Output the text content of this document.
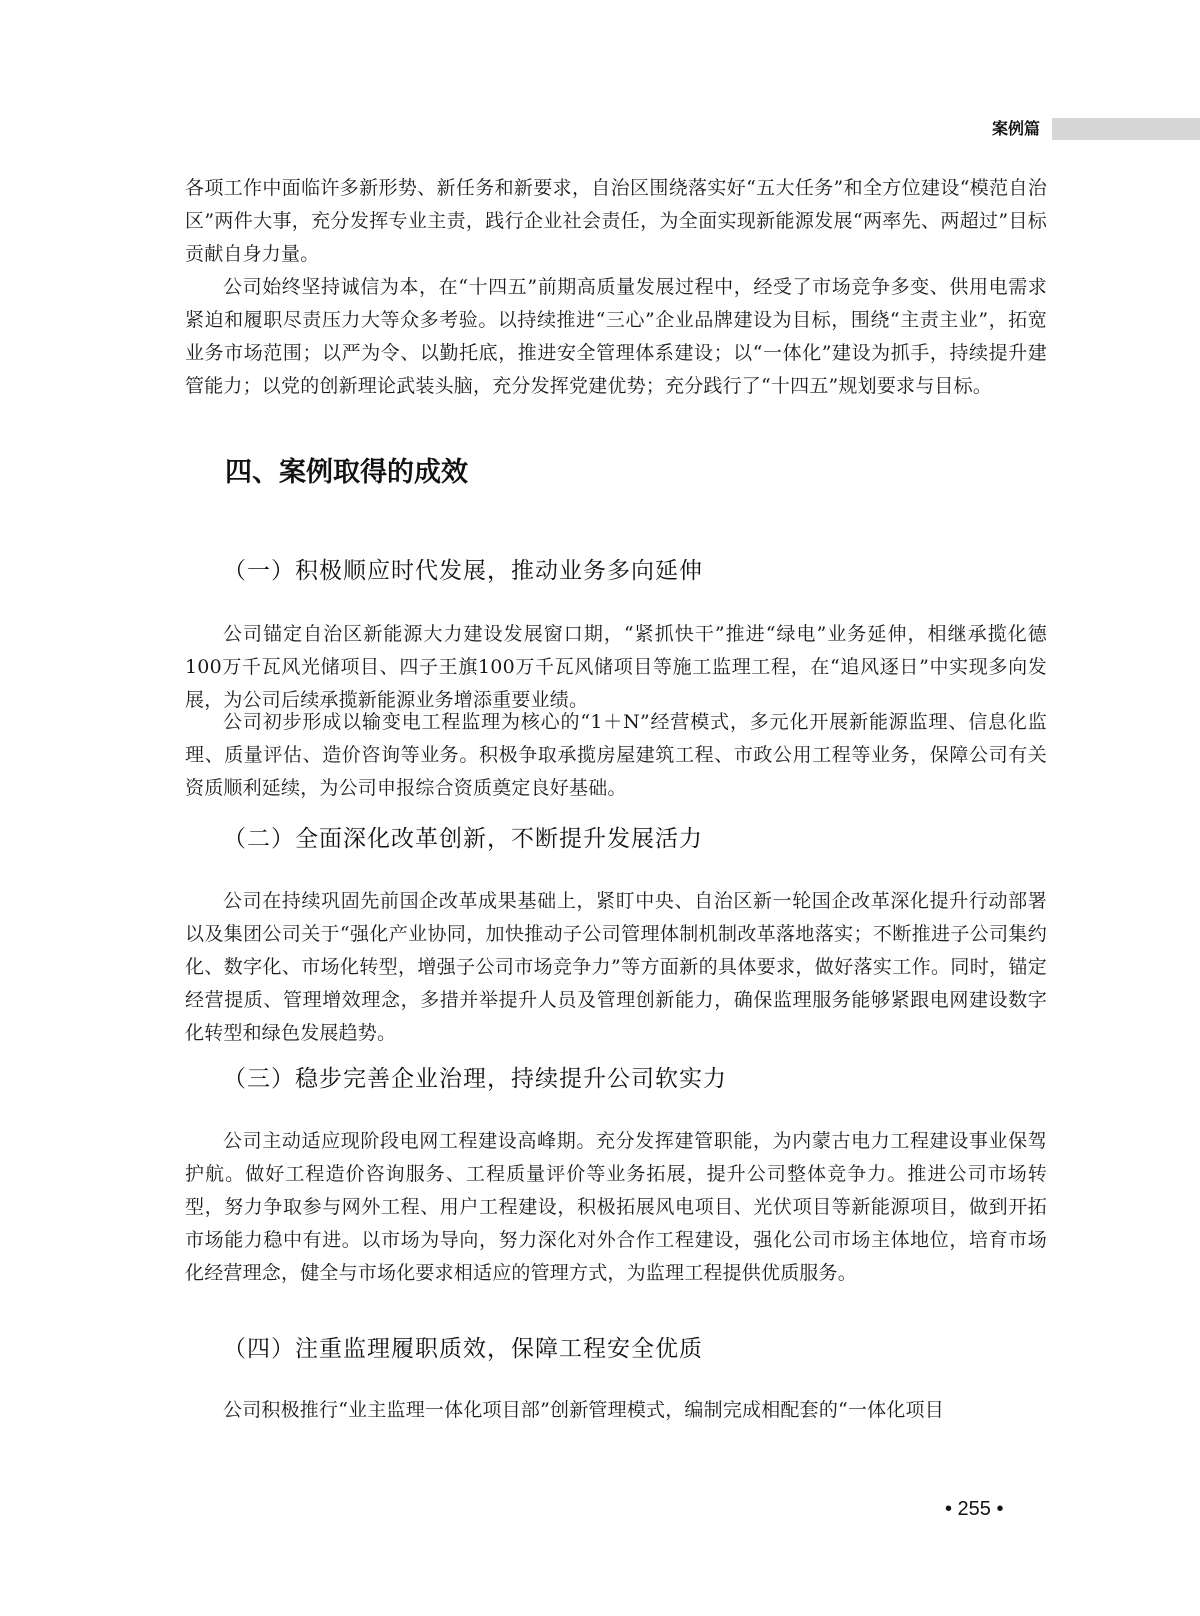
案例篇

各项工作中面临许多新形势、新任务和新要求，自治区围绕落实好“五大任务”和全方位建设“模范自治区”两件大事，充分发挥专业主责，践行企业社会责任，为全面实现新能源发展“两率先、两超过”目标贡献自身力量。

公司始终坚持诚信为本，在“十四五”前期高质量发展过程中，经受了市场竞争多变、供用电需求紧迫和履职尽责压力大等众多考验。以持续推进“三心”企业品牌建设为目标，围绕“主责主业”，拓宽业务市场范围；以严为令、以勤托底，推进安全管理体系建设；以“一体化”建设为抓手，持续提升建管能力；以党的创新理论武装头脑，充分发挥党建优势；充分践行了“十四五”规划要求与目标。

四、案例取得的成效
（一）积极顺应时代发展，推动业务多向延伸

公司锚定自治区新能源大力建设发展窗口期，“紧抓快干”推进“绿电”业务延伸，相继承揽化德100万千瓦风光储项目、四子王旗100万千瓦风储项目等施工监理工程，在“追风逐日”中实现多向发展，为公司后续承揽新能源业务增添重要业绩。

公司初步形成以输变电工程监理为核心的“1＋N”经营模式，多元化开展新能源监理、信息化监理、质量评估、造价咨询等业务。积极争取承揽房屋建筑工程、市政公用工程等业务，保障公司有关资质顺利延续，为公司申报综合资质奠定良好基础。

（二）全面深化改革创新，不断提升发展活力

公司在持续巩固先前国企改革成果基础上，紧盯中央、自治区新一轮国企改革深化提升行动部署以及集团公司关于“强化产业协同，加快推动子公司管理体制机制改革落地落实；不断推进子公司集约化、数字化、市场化转型，增强子公司市场竞争力”等方面新的具体要求，做好落实工作。同时，锚定经营提质、管理增效理念，多措并举提升人员及管理创新能力，确保监理服务能够紧跟电网建设数字化转型和绿色发展趋势。

（三）稳步完善企业治理，持续提升公司软实力

公司主动适应现阶段电网工程建设高峰期。充分发挥建管职能，为内蒙古电力工程建设事业保驾护航。做好工程造价咨询服务、工程质量评价等业务拓展，提升公司整体竞争力。推进公司市场转型，努力争取参与网外工程、用户工程建设，积极拓展风电项目、光伏项目等新能源项目，做到开拓市场能力稳中有进。以市场为导向，努力深化对外合作工程建设，强化公司市场主体地位，培育市场化经营理念，健全与市场化要求相适应的管理方式，为监理工程提供优质服务。

（四）注重监理履职质效，保障工程安全优质

公司积极推行“业主监理一体化项目部”创新管理模式，编制完成相配套的“一体化项目

• 255 •
